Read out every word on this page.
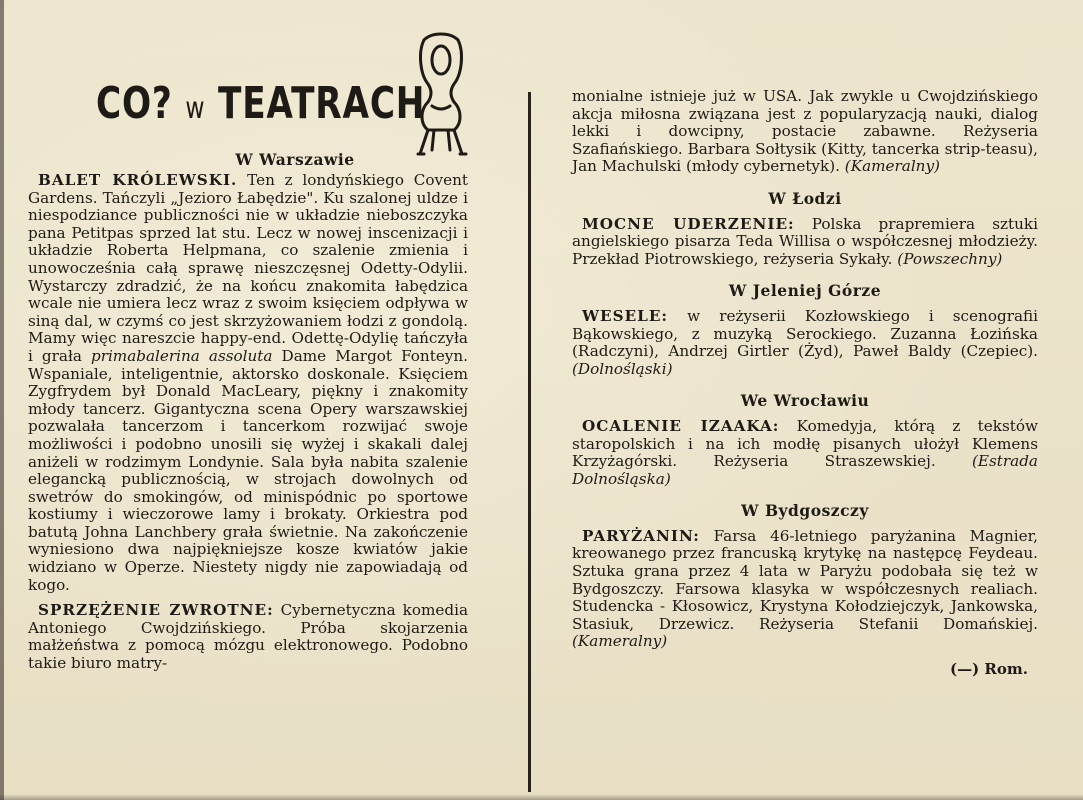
CO? w TEATRACH
W Warszawie

BALET KRÓLEWSKI. Ten z londyńskiego Covent Gardens. Tańczyli „Jezioro Łabędzie". Ku szalonej uldze i niespodziance publiczności nie w układzie nieboszczyka pana Petitpas sprzed lat stu. Lecz w nowej inscenizacji i układzie Roberta Helpmana, co szalenie zmienia i unowocześnia całą sprawę nieszczęsnej Odetty-Odylii. Wystarczy zdradzić, że na końcu znakomita łabędzica wcale nie umiera lecz wraz z swoim księciem odpływa w siną dal, w czymś co jest skrzyżowaniem łodzi z gondolą. Mamy więc nareszcie happy-end. Odettę-Odylię tańczyła i grała primabalerina assoluta Dame Margot Fonteyn. Wspaniale, inteligentnie, aktorsko doskonale. Księciem Zygfrydem był Donald MacLeary, piękny i znakomity młody tancerz. Gigantyczna scena Opery warszawskiej pozwalała tancerzom i tancerkom rozwijać swoje możliwości i podobno unosili się wyżej i skakali dalej aniżeli w rodzimym Londynie. Sala była nabita szalenie elegancką publicznością, w strojach dowolnych od swetrów do smokingów, od minispódnic po sportowe kostiumy i wieczorowe lamy i brokaty. Orkiestra pod batutą Johna Lanchbery grała świetnie. Na zakończenie wyniesiono dwa najpiękniejsze kosze kwiatów jakie widziano w Operze. Niestety nigdy nie zapowiadają od kogo.

SPRZĘŻENIE ZWROTNE: Cybernetyczna komedia Antoniego Cwojdzińskiego. Próba skojarzenia małżeństwa z pomocą mózgu elektronowego. Podobno takie biuro matry-

monialne istnieje już w USA. Jak zwykle u Cwojdzińskiego akcja miłosna związana jest z popularyzacją nauki, dialog lekki i dowcipny, postacie zabawne. Reżyseria Szafiańskiego. Barbara Sołtysik (Kitty, tancerka strip-teasu), Jan Machulski (młody cybernetyk). (Kameralny)

W Łodzi

MOCNE UDERZENIE: Polska prapremiera sztuki angielskiego pisarza Teda Willisa o współczesnej młodzieży. Przekład Piotrowskiego, reżyseria Sykały. (Powszechny)

W Jeleniej Górze

WESELE: w reżyserii Kozłowskiego i scenografii Bąkowskiego, z muzyką Serockiego. Zuzanna Łozińska (Radczyni), Andrzej Girtler (Żyd), Paweł Baldy (Czepiec). (Dolnośląski)

We Wrocławiu

OCALENIE IZAAKA: Komedyja, którą z tekstów staropolskich i na ich modłę pisanych ułożył Klemens Krzyżagórski. Reżyseria Straszewskiej. (Estrada Dolnośląska)

W Bydgoszczy

PARYŻANIN: Farsa 46-letniego paryżanina Magnier, kreowanego przez francuską krytykę na następcę Feydeau. Sztuka grana przez 4 lata w Paryżu podobała się też w Bydgoszczy. Farsowa klasyka w współczesnych realiach. Studencka - Kłosowicz, Krystyna Kołodziejczyk, Jankowska, Stasiuk, Drzewicz. Reżyseria Stefanii Domańskiej. (Kameralny)

(—) Rom.
